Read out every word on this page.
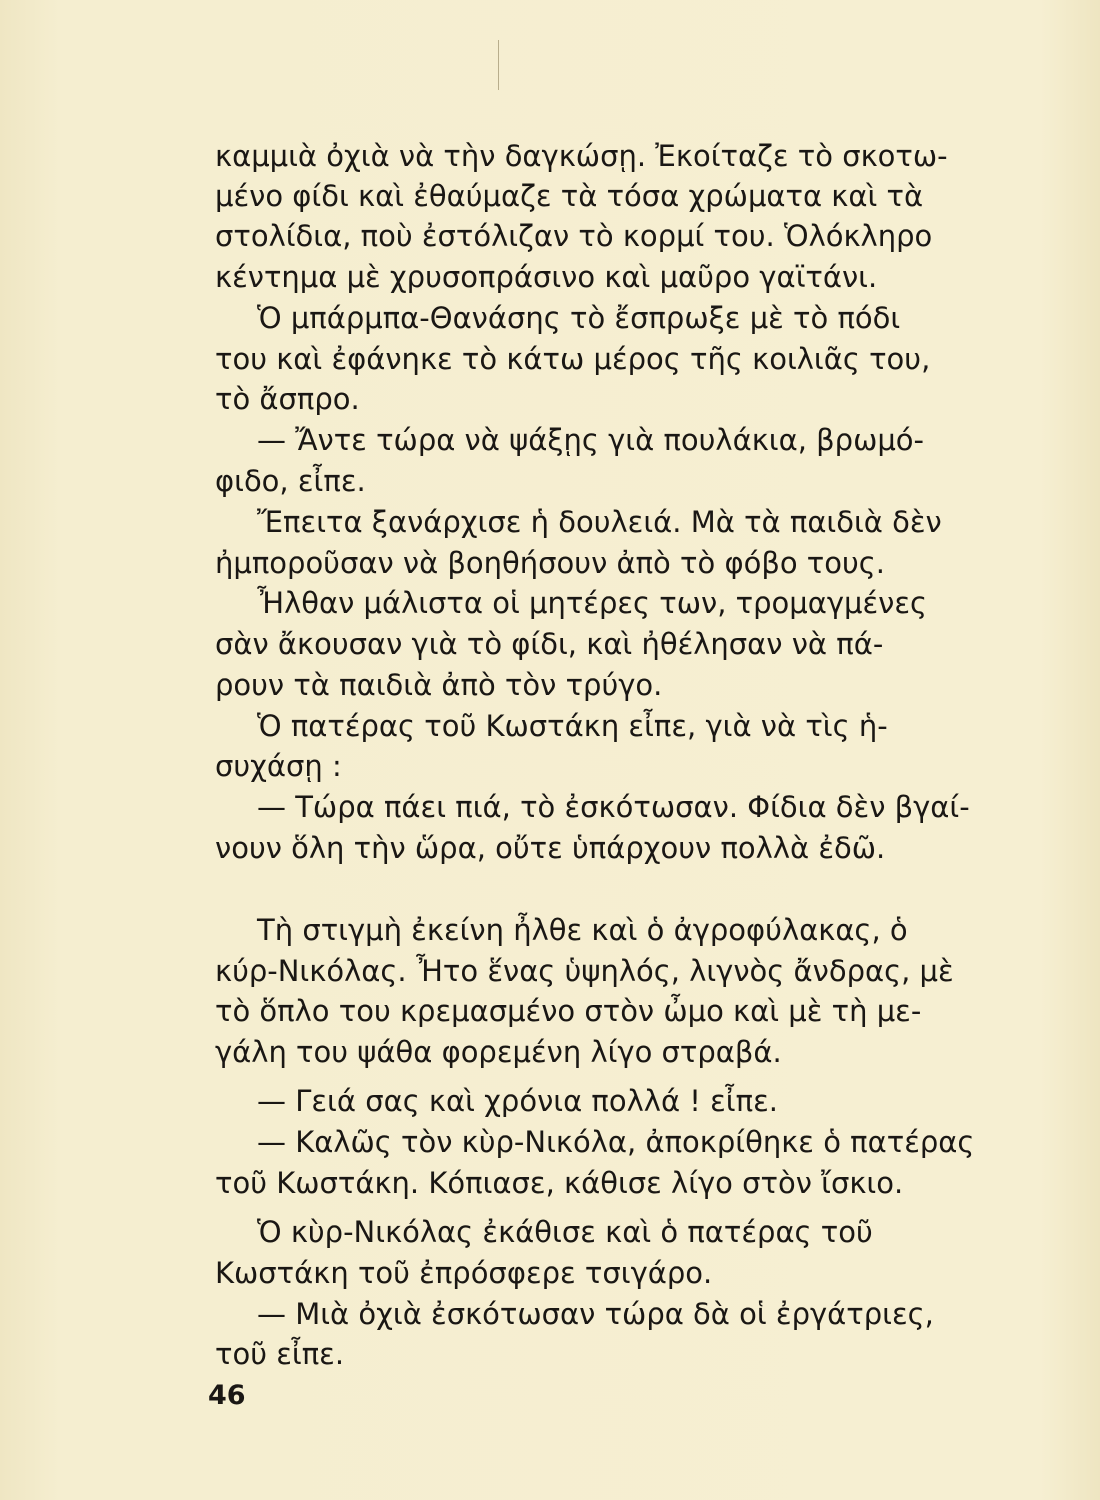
καμμιὰ ὀχιὰ νὰ τὴν δαγκώσῃ. Ἐκοίταζε τὸ σκοτω-
μένο φίδι καὶ ἐθαύμαζε τὰ τόσα χρώματα καὶ τὰ
στολίδια, ποὺ ἐστόλιζαν τὸ κορμί του. Ὁλόκληρο
κέντημα μὲ χρυσοπράσινο καὶ μαῦρο γαϊτάνι.
Ὁ μπάρμπα-Θανάσης τὸ ἔσπρωξε μὲ τὸ πόδι
του καὶ ἐφάνηκε τὸ κάτω μέρος τῆς κοιλιᾶς του,
τὸ ἄσπρο.
— Ἄντε τώρα νὰ ψάξῃς γιὰ πουλάκια, βρωμό-
φιδο, εἶπε.
Ἔπειτα ξανάρχισε ἡ δουλειά. Μὰ τὰ παιδιὰ δὲν
ἠμποροῦσαν νὰ βοηθήσουν ἀπὸ τὸ φόβο τους.
Ἦλθαν μάλιστα οἱ μητέρες των, τρομαγμένες
σὰν ἄκουσαν γιὰ τὸ φίδι, καὶ ἠθέλησαν νὰ πά-
ρουν τὰ παιδιὰ ἀπὸ τὸν τρύγο.
Ὁ πατέρας τοῦ Κωστάκη εἶπε, γιὰ νὰ τὶς ἡ-
συχάσῃ :
— Τώρα πάει πιά, τὸ ἐσκότωσαν. Φίδια δὲν βγαί-
νουν ὅλη τὴν ὥρα, οὔτε ὑπάρχουν πολλὰ ἐδῶ.
Τὴ στιγμὴ ἐκείνη ἦλθε καὶ ὁ ἀγροφύλακας, ὁ
κύρ-Νικόλας. Ἦτο ἕνας ὑψηλός, λιγνὸς ἄνδρας, μὲ
τὸ ὅπλο του κρεμασμένο στὸν ὦμο καὶ μὲ τὴ με-
γάλη του ψάθα φορεμένη λίγο στραβά.
— Γειά σας καὶ χρόνια πολλά ! εἶπε.
— Καλῶς τὸν κὺρ-Νικόλα, ἀποκρίθηκε ὁ πατέρας
τοῦ Κωστάκη. Κόπιασε, κάθισε λίγο στὸν ἴσκιο.
Ὁ κὺρ-Νικόλας ἐκάθισε καὶ ὁ πατέρας τοῦ
Κωστάκη τοῦ ἐπρόσφερε τσιγάρο.
— Μιὰ ὀχιὰ ἐσκότωσαν τώρα δὰ οἱ ἐργάτριες,
τοῦ εἶπε.
46
